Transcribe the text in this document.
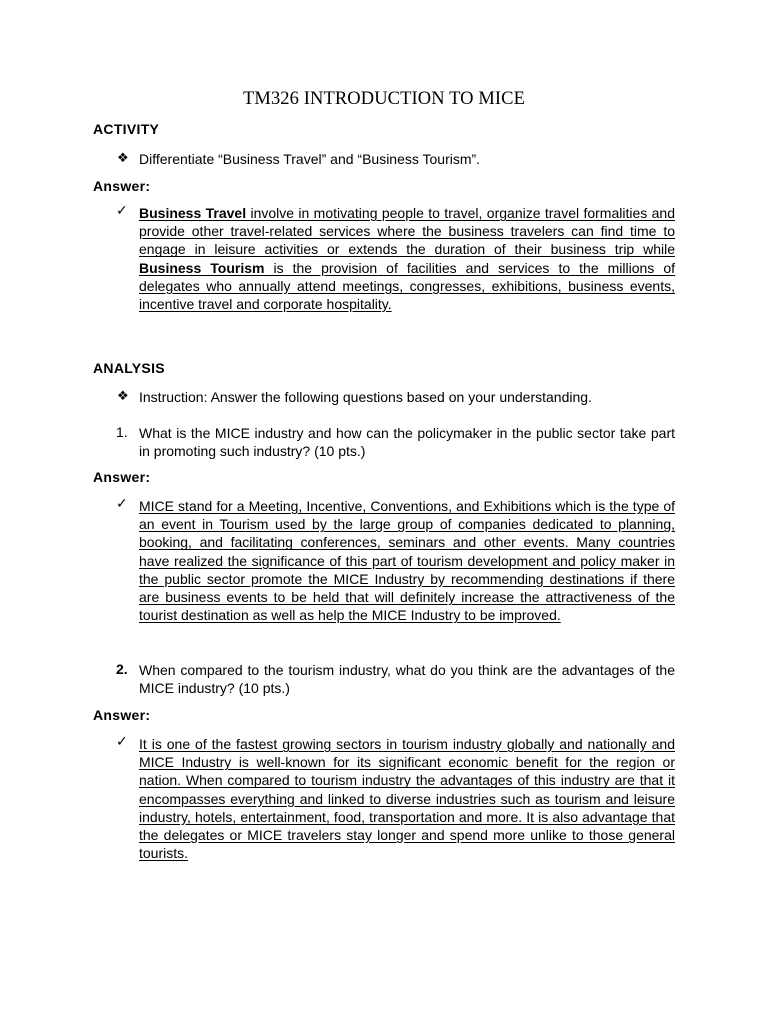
TM326 INTRODUCTION TO MICE
ACTIVITY
❖ Differentiate “Business Travel” and “Business Tourism”.
Answer:
✓ Business Travel involve in motivating people to travel, organize travel formalities and provide other travel-related services where the business travelers can find time to engage in leisure activities or extends the duration of their business trip while Business Tourism is the provision of facilities and services to the millions of delegates who annually attend meetings, congresses, exhibitions, business events, incentive travel and corporate hospitality.
ANALYSIS
❖ Instruction: Answer the following questions based on your understanding.
1. What is the MICE industry and how can the policymaker in the public sector take part in promoting such industry? (10 pts.)
Answer:
✓ MICE stand for a Meeting, Incentive, Conventions, and Exhibitions which is the type of an event in Tourism used by the large group of companies dedicated to planning, booking, and facilitating conferences, seminars and other events. Many countries have realized the significance of this part of tourism development and policy maker in the public sector promote the MICE Industry by recommending destinations if there are business events to be held that will definitely increase the attractiveness of the tourist destination as well as help the MICE Industry to be improved.
2. When compared to the tourism industry, what do you think are the advantages of the MICE industry? (10 pts.)
Answer:
✓ It is one of the fastest growing sectors in tourism industry globally and nationally and MICE Industry is well-known for its significant economic benefit for the region or nation. When compared to tourism industry the advantages of this industry are that it encompasses everything and linked to diverse industries such as tourism and leisure industry, hotels, entertainment, food, transportation and more. It is also advantage that the delegates or MICE travelers stay longer and spend more unlike to those general tourists.
